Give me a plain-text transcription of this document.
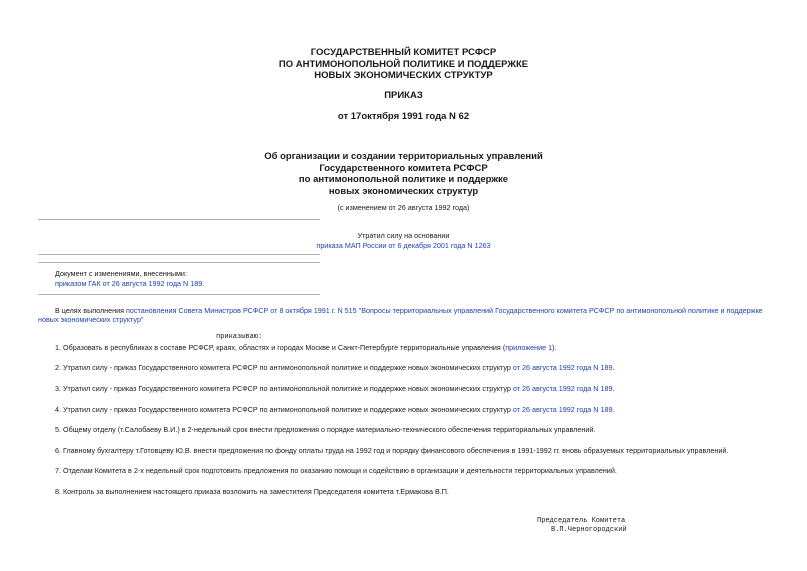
ГОСУДАРСТВЕННЫЙ КОМИТЕТ РСФСР
ПО АНТИМОНОПОЛЬНОЙ ПОЛИТИКЕ И ПОДДЕРЖКЕ
НОВЫХ ЭКОНОМИЧЕСКИХ СТРУКТУР
ПРИКАЗ
от 17октября 1991 года N 62
Об организации и создании территориальных управлений
Государственного комитета РСФСР
по антимонопольной политике и поддержке
новых экономических структур
(с изменением от 26 августа 1992 года)
Утратил силу на основании
приказа МАП России от 6 декабря 2001 года N 1263
Документ с изменениями, внесенными:
приказом ГАК от 26 августа 1992 года N 189.
В целях выполнения постановления Совета Министров РСФСР от 8 октября 1991 г. N 515 "Вопросы территориальных управлений Государственного комитета РСФСР по антимонопольной политике и поддержке новых экономических структур"
приказываю:
1. Образовать в республиках в составе РСФСР, краях, областях и городах Москве и Санкт-Петербурге территориальные управления (приложение 1).
2. Утратил силу - приказ Государственного комитета РСФСР по антимонопольной политике и поддержке новых экономических структур от 26 августа 1992 года N 189.
3. Утратил силу - приказ Государственного комитета РСФСР по антимонопольной политике и поддержке новых экономических структур от 26 августа 1992 года N 189.
4. Утратил силу - приказ Государственного комитета РСФСР по антимонопольной политике и поддержке новых экономических структур от 26 августа 1992 года N 189.
5. Общему отделу (т.Салобаеву В.И.) в 2-недельный срок внести предложения о порядке материально-технического обеспечения территориальных управлений.
6. Главному бухгалтеру т.Готовцеву Ю.В. внести предложения по фонду оплаты труда на 1992 год и порядку финансового обеспечения в 1991-1992 гг. вновь образуемых территориальных управлений.
7. Отделам Комитета в 2-х недельный срок подготовить предложения по оказанию помощи и содействию в организации и деятельности территориальных управлений.
8. Контроль за выполнением настоящего приказа возложить на заместителя Председателя комитета т.Ермакова В.П.
Председатель Комитета
В.П.Черногородский
